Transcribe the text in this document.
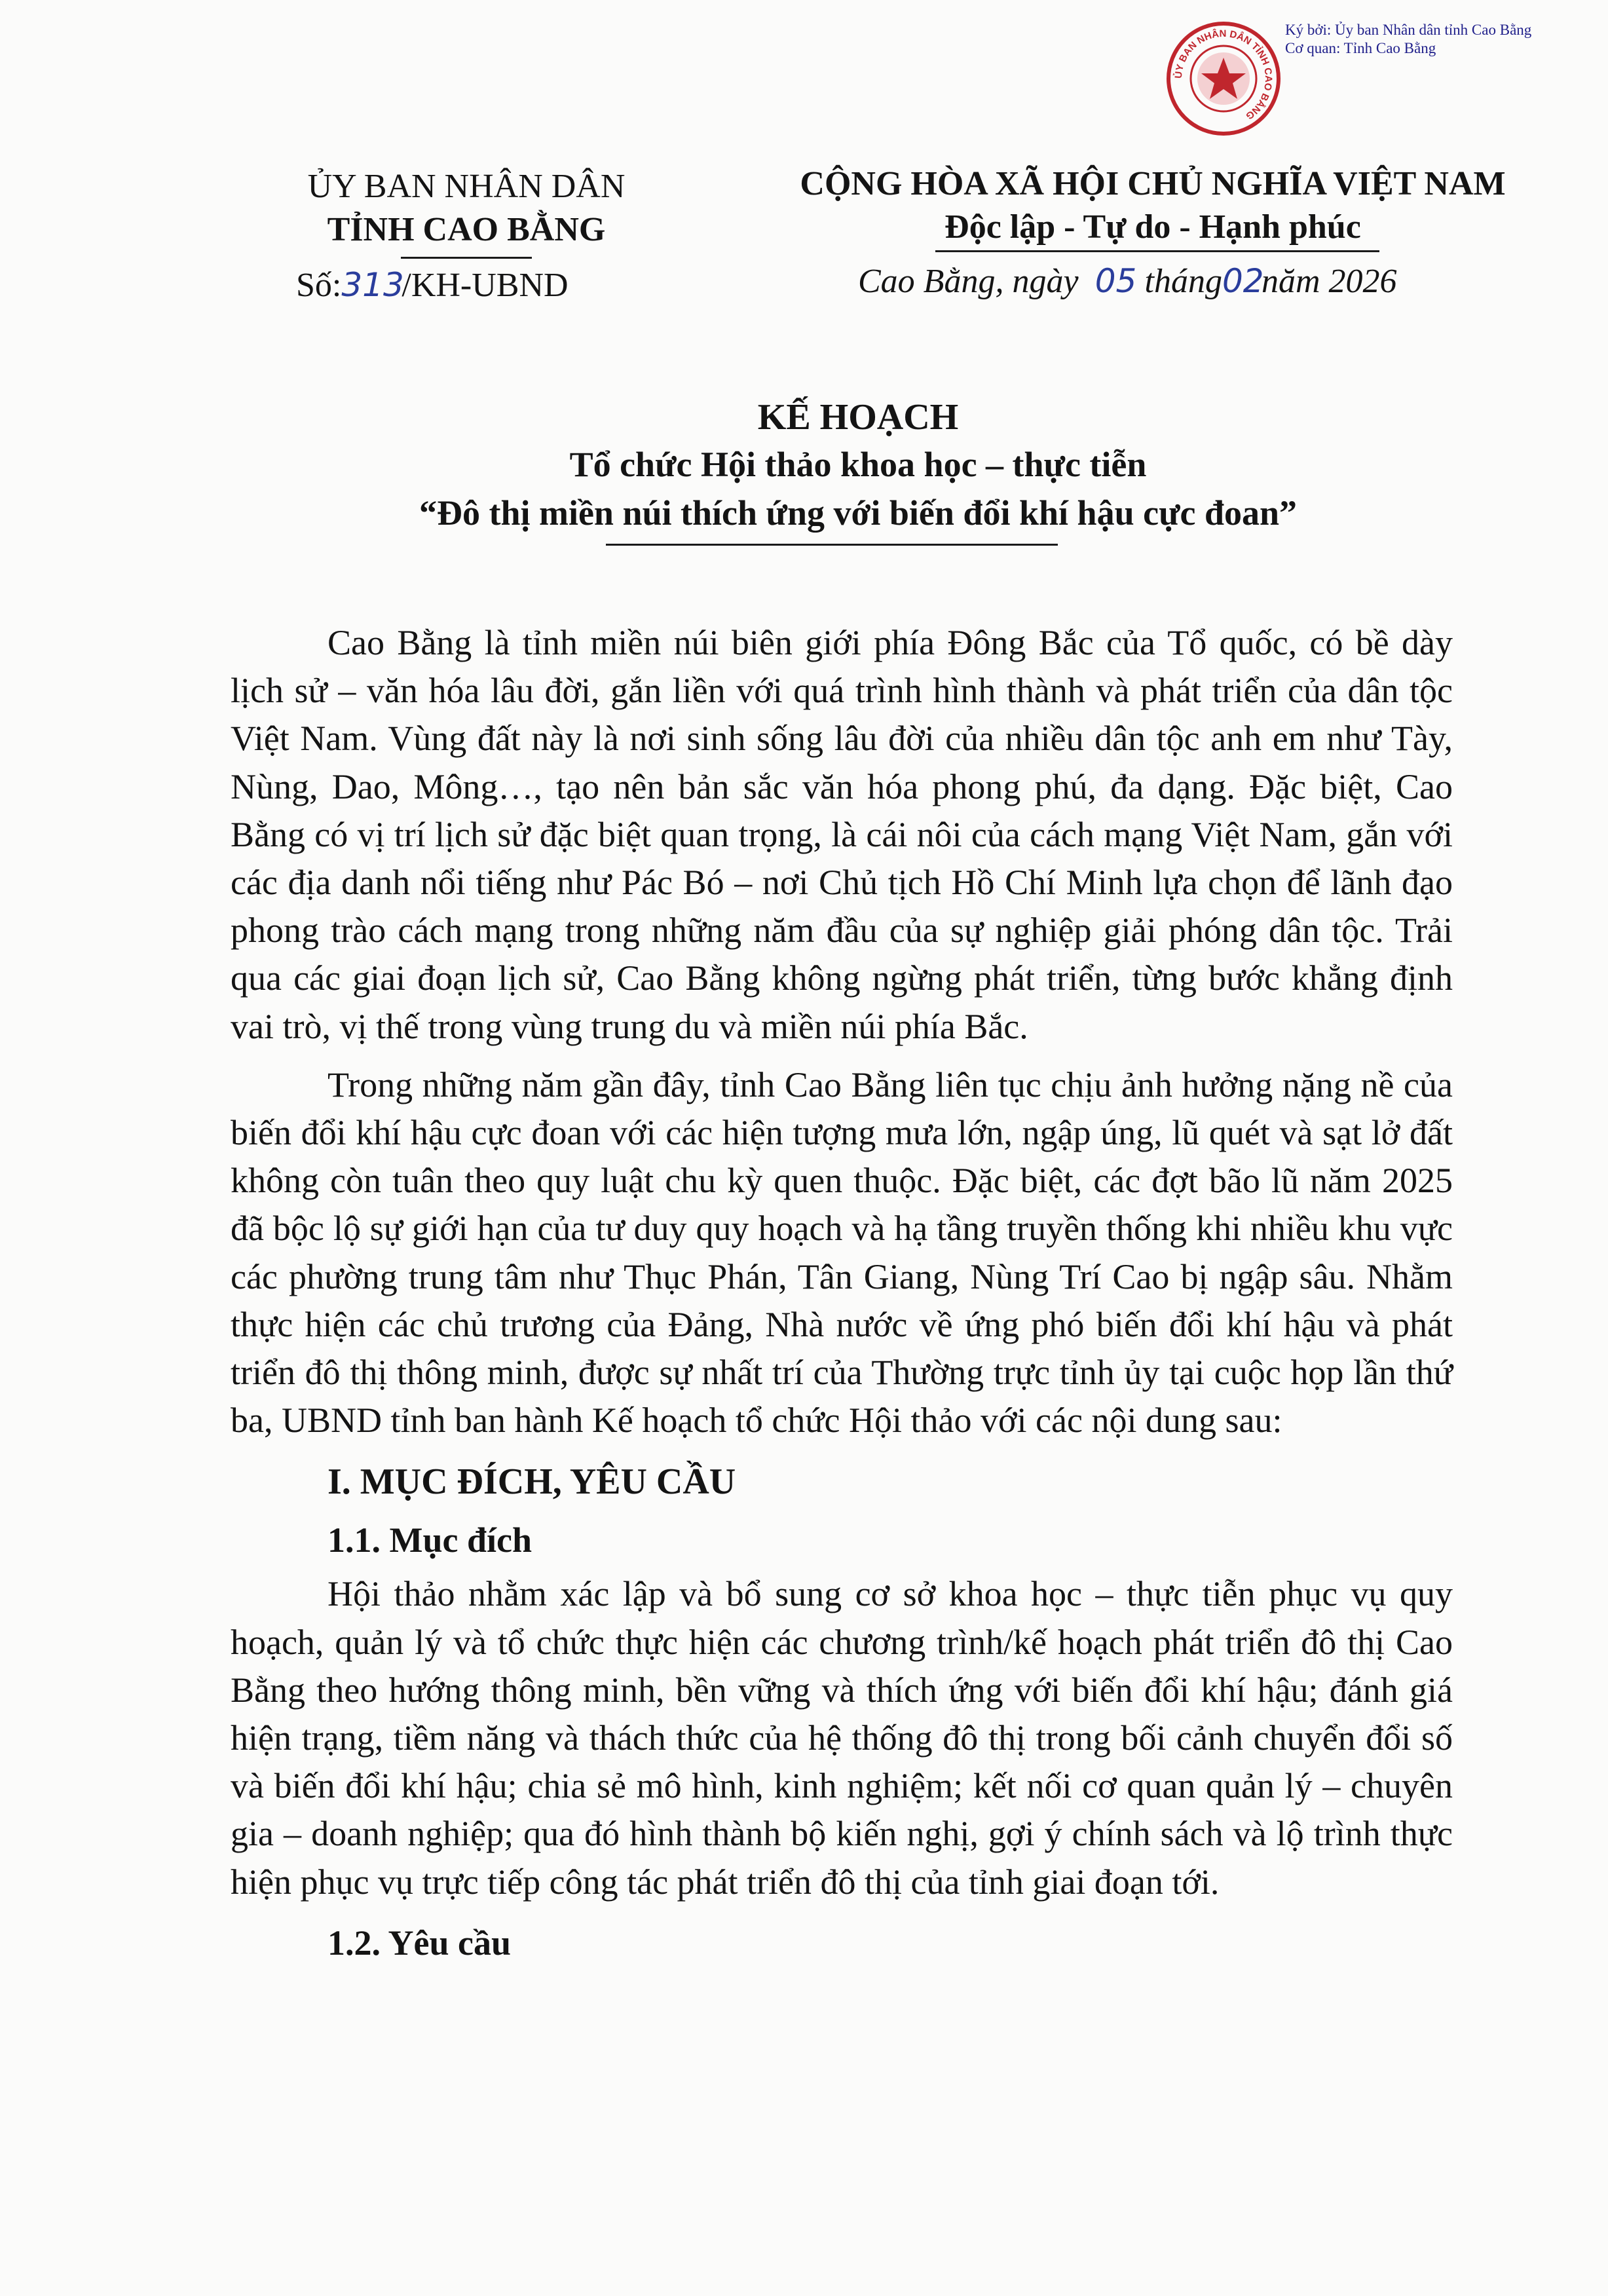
ỦY BAN NHÂN DÂN TỈNH CAO BẰNG
Ký bởi: Ủy ban Nhân dân tỉnh Cao Bằng
Cơ quan: Tỉnh Cao Bằng
ỦY BAN NHÂN DÂN
TỈNH CAO BẰNG
Số:313/KH-UBND
CỘNG HÒA XÃ HỘI CHỦ NGHĨA VIỆT NAM
Độc lập - Tự do - Hạnh phúc
Cao Bằng, ngày 05 tháng02năm 2026
KẾ HOẠCH
Tổ chức Hội thảo khoa học – thực tiễn
“Đô thị miền núi thích ứng với biến đổi khí hậu cực đoan”

Cao Bằng là tỉnh miền núi biên giới phía Đông Bắc của Tổ quốc, có bề dày lịch sử – văn hóa lâu đời, gắn liền với quá trình hình thành và phát triển của dân tộc Việt Nam. Vùng đất này là nơi sinh sống lâu đời của nhiều dân tộc anh em như Tày, Nùng, Dao, Mông…, tạo nên bản sắc văn hóa phong phú, đa dạng. Đặc biệt, Cao Bằng có vị trí lịch sử đặc biệt quan trọng, là cái nôi của cách mạng Việt Nam, gắn với các địa danh nổi tiếng như Pác Bó – nơi Chủ tịch Hồ Chí Minh lựa chọn để lãnh đạo phong trào cách mạng trong những năm đầu của sự nghiệp giải phóng dân tộc. Trải qua các giai đoạn lịch sử, Cao Bằng không ngừng phát triển, từng bước khẳng định vai trò, vị thế trong vùng trung du và miền núi phía Bắc.

Trong những năm gần đây, tỉnh Cao Bằng liên tục chịu ảnh hưởng nặng nề của biến đổi khí hậu cực đoan với các hiện tượng mưa lớn, ngập úng, lũ quét và sạt lở đất không còn tuân theo quy luật chu kỳ quen thuộc. Đặc biệt, các đợt bão lũ năm 2025 đã bộc lộ sự giới hạn của tư duy quy hoạch và hạ tầng truyền thống khi nhiều khu vực các phường trung tâm như Thục Phán, Tân Giang, Nùng Trí Cao bị ngập sâu. Nhằm thực hiện các chủ trương của Đảng, Nhà nước về ứng phó biến đổi khí hậu và phát triển đô thị thông minh, được sự nhất trí của Thường trực tỉnh ủy tại cuộc họp lần thứ ba, UBND tỉnh ban hành Kế hoạch tổ chức Hội thảo với các nội dung sau:

I. MỤC ĐÍCH, YÊU CẦU
1.1. Mục đích

Hội thảo nhằm xác lập và bổ sung cơ sở khoa học – thực tiễn phục vụ quy hoạch, quản lý và tổ chức thực hiện các chương trình/kế hoạch phát triển đô thị Cao Bằng theo hướng thông minh, bền vững và thích ứng với biến đổi khí hậu; đánh giá hiện trạng, tiềm năng và thách thức của hệ thống đô thị trong bối cảnh chuyển đổi số và biến đổi khí hậu; chia sẻ mô hình, kinh nghiệm; kết nối cơ quan quản lý – chuyên gia – doanh nghiệp; qua đó hình thành bộ kiến nghị, gợi ý chính sách và lộ trình thực hiện phục vụ trực tiếp công tác phát triển đô thị của tỉnh giai đoạn tới.

1.2. Yêu cầu
